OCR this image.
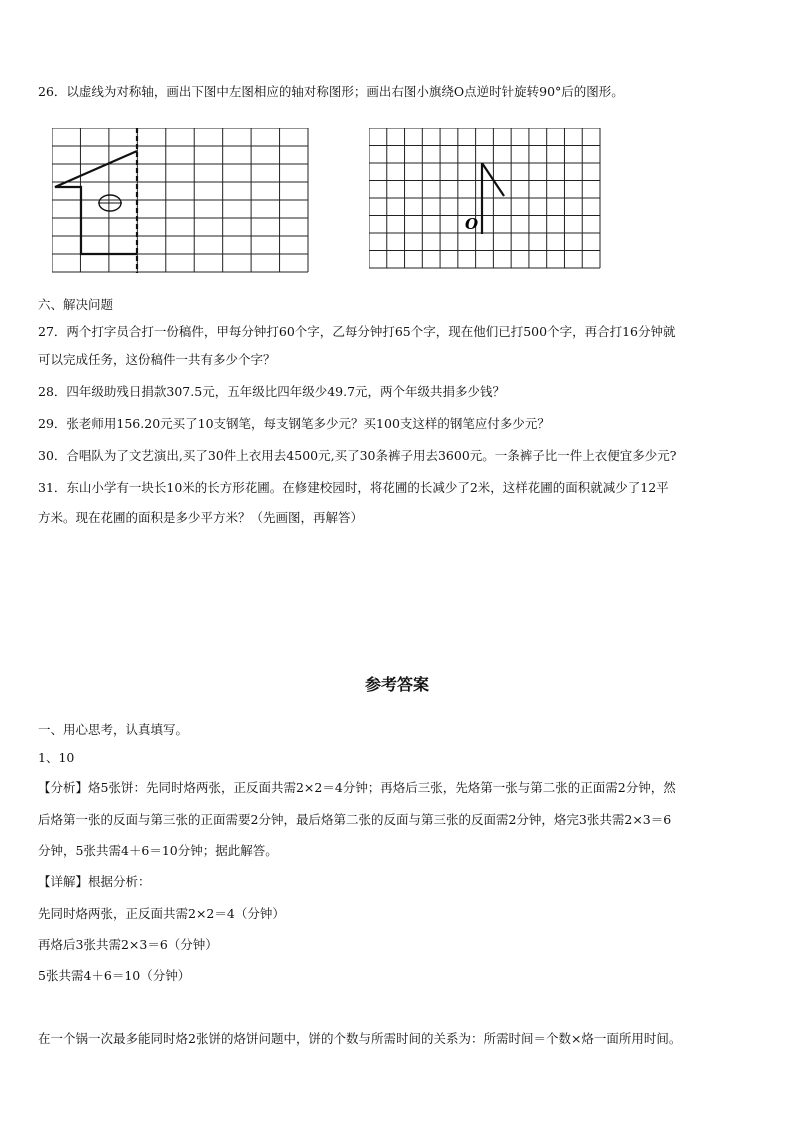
26．以虚线为对称轴，画出下图中左图相应的轴对称图形；画出右图小旗绕O点逆时针旋转90°后的图形。
O
六、解决问题
27．两个打字员合打一份稿件，甲每分钟打60个字，乙每分钟打65个字，现在他们已打500个字，再合打16分钟就
可以完成任务，这份稿件一共有多少个字？
28．四年级助残日捐款307.5元，五年级比四年级少49.7元，两个年级共捐多少钱？
29．张老师用156.20元买了10支钢笔，每支钢笔多少元？买100支这样的钢笔应付多少元？
30．合唱队为了文艺演出,买了30件上衣用去4500元,买了30条裤子用去3600元。一条裤子比一件上衣便宜多少元?
31．东山小学有一块长10米的长方形花圃。在修建校园时，将花圃的长减少了2米，这样花圃的面积就减少了12平
方米。现在花圃的面积是多少平方米？（先画图，再解答）
参考答案
一、用心思考，认真填写。
1、10
【分析】烙5张饼：先同时烙两张，正反面共需2×2＝4分钟；再烙后三张，先烙第一张与第二张的正面需2分钟，然
后烙第一张的反面与第三张的正面需要2分钟，最后烙第二张的反面与第三张的反面需2分钟，烙完3张共需2×3＝6
分钟，5张共需4＋6＝10分钟；据此解答。
【详解】根据分析：
先同时烙两张，正反面共需2×2＝4（分钟）
再烙后3张共需2×3＝6（分钟）
5张共需4＋6＝10（分钟）
在一个锅一次最多能同时烙2张饼的烙饼问题中，饼的个数与所需时间的关系为：所需时间＝个数×烙一面所用时间。
